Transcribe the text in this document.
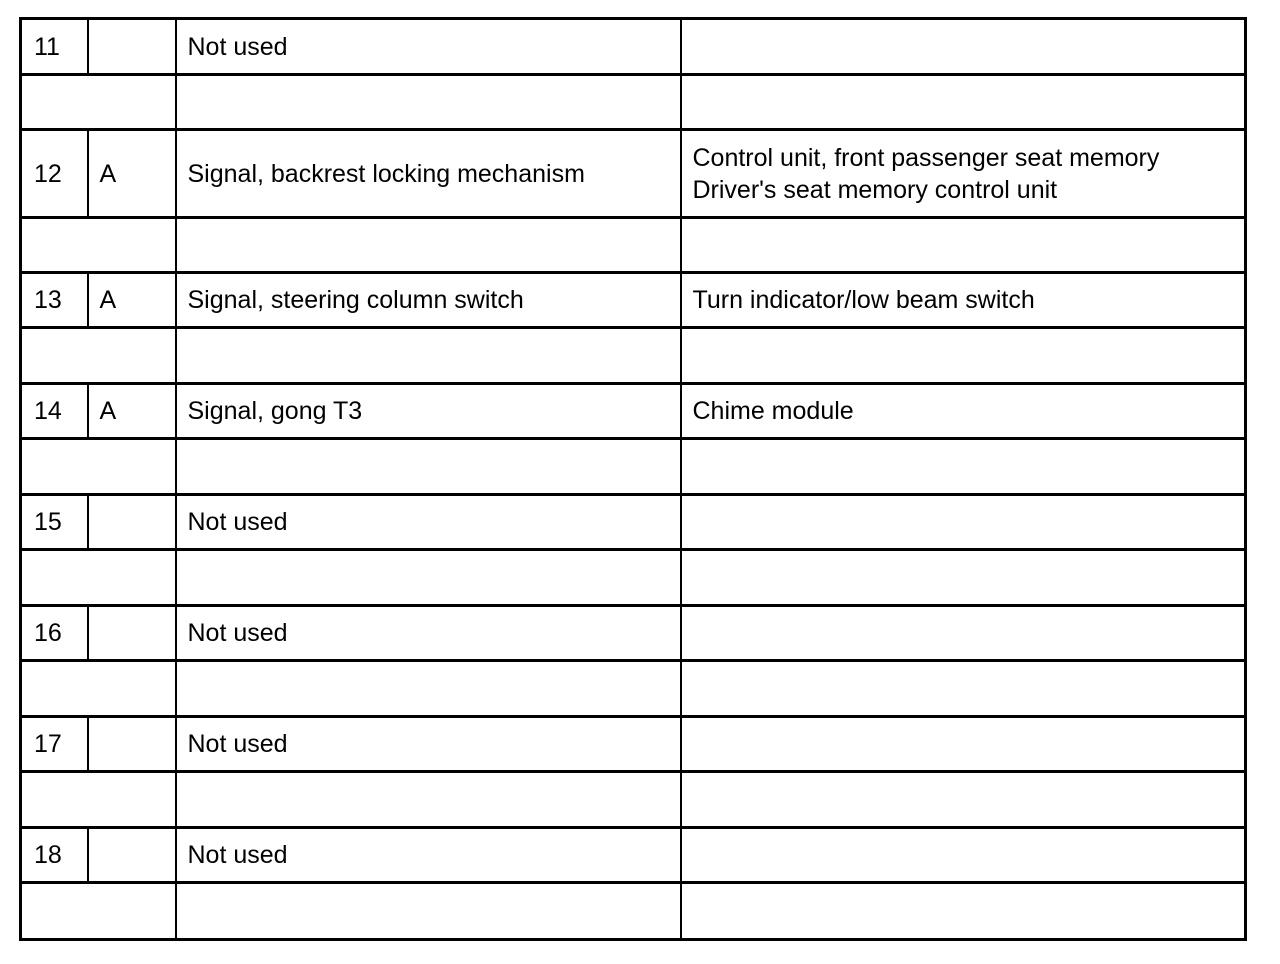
11		Not used	

12	A	Signal, backrest locking mechanism	Control unit, front passenger seat memory
Driver's seat memory control unit

13	A	Signal, steering column switch	Turn indicator/low beam switch

14	A	Signal, gong T3	Chime module

15		Not used	

16		Not used	

17		Not used	

18		Not used	
